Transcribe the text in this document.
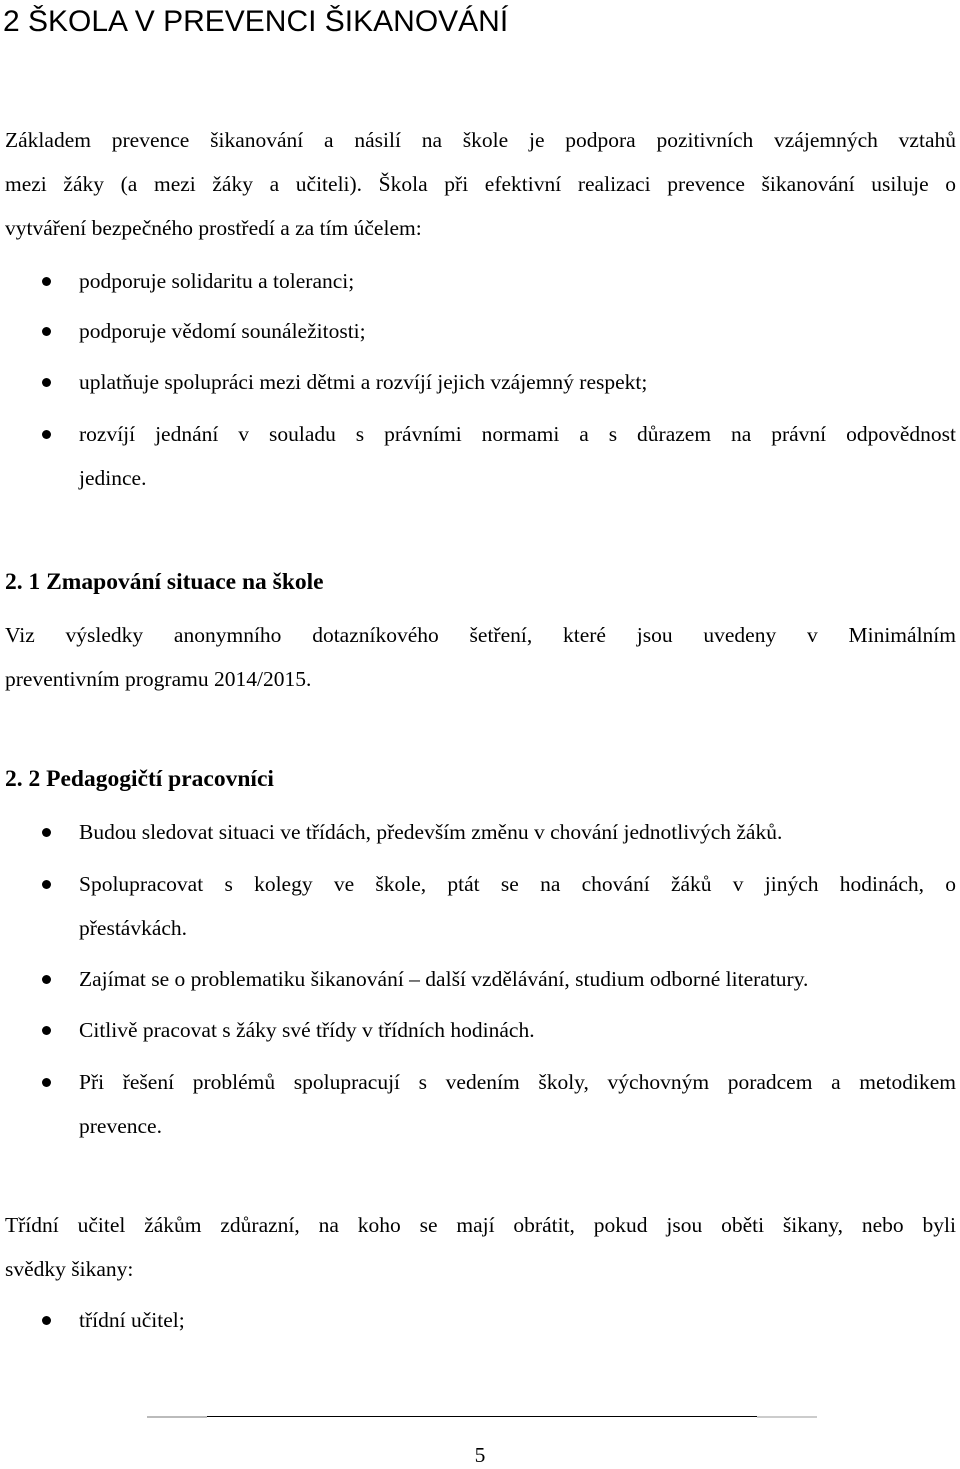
2 ŠKOLA V PREVENCI ŠIKANOVÁNÍ
Základem prevence šikanování a násilí na škole je podpora pozitivních vzájemných vztahů
mezi žáky (a mezi žáky a učiteli). Škola při efektivní realizaci prevence šikanování usiluje o
vytváření bezpečného prostředí a za tím účelem:
podporuje solidaritu a toleranci;
podporuje vědomí sounáležitosti;
uplatňuje spolupráci mezi dětmi a rozvíjí jejich vzájemný respekt;
rozvíjí jednání v souladu s právními normami a s důrazem na právní odpovědnost
jedince.
2. 1 Zmapování situace na škole
Viz výsledky anonymního dotazníkového šetření, které jsou uvedeny v Minimálním
preventivním programu 2014/2015.
2. 2 Pedagogičtí pracovníci
Budou sledovat situaci ve třídách, především změnu v chování jednotlivých žáků.
Spolupracovat s kolegy ve škole, ptát se na chování žáků v jiných hodinách, o
přestávkách.
Zajímat se o problematiku šikanování – další vzdělávání, studium odborné literatury.
Citlivě pracovat s žáky své třídy v třídních hodinách.
Při řešení problémů spolupracují s vedením školy, výchovným poradcem a metodikem
prevence.
Třídní učitel žákům zdůrazní, na koho se mají obrátit, pokud jsou oběti šikany, nebo byli
svědky šikany:
třídní učitel;
5
